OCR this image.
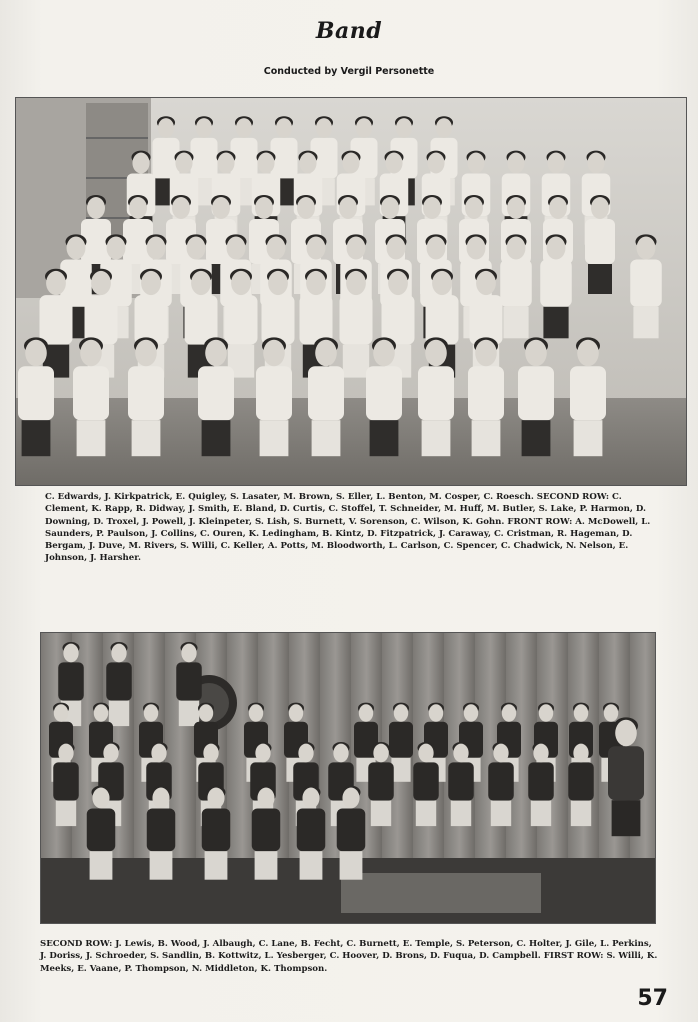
Band
Conducted by Vergil Personette

C. Edwards, J. Kirkpatrick, E. Quigley, S. Lasater, M. Brown, S. Eller, L. Benton, M. Cosper, C. Roesch. SECOND ROW: C. Clement, K. Rapp, R. Didway, J. Smith, E. Bland, D. Curtis, C. Stoffel, T. Schneider, M. Huff, M. Butler, S. Lake, P. Harmon, D. Downing, D. Troxel, J. Powell, J. Kleinpeter, S. Lish, S. Burnett, V. Sorenson, C. Wilson, K. Gohn. FRONT ROW: A. McDowell, L. Saunders, P. Paulson, J. Collins, C. Ouren, K. Ledingham, B. Kintz, D. Fitzpatrick, J. Caraway, C. Cristman, R. Hageman, D. Bergam, J. Duve, M. Rivers, S. Willi, C. Keller, A. Potts, M. Bloodworth, L. Carlson, C. Spencer, C. Chadwick, N. Nelson, E. Johnson, J. Harsher.

SECOND ROW: J. Lewis, B. Wood, J. Albaugh, C. Lane, B. Fecht, C. Burnett, E. Temple, S. Peterson, C. Holter, J. Gile, L. Perkins, J. Doriss, J. Schroeder, S. Sandlin, B. Kottwitz, L. Yesberger, C. Hoover, D. Brons, D. Fuqua, D. Campbell. FIRST ROW: S. Willi, K. Meeks, E. Vaane, P. Thompson, N. Middleton, K. Thompson.

57
